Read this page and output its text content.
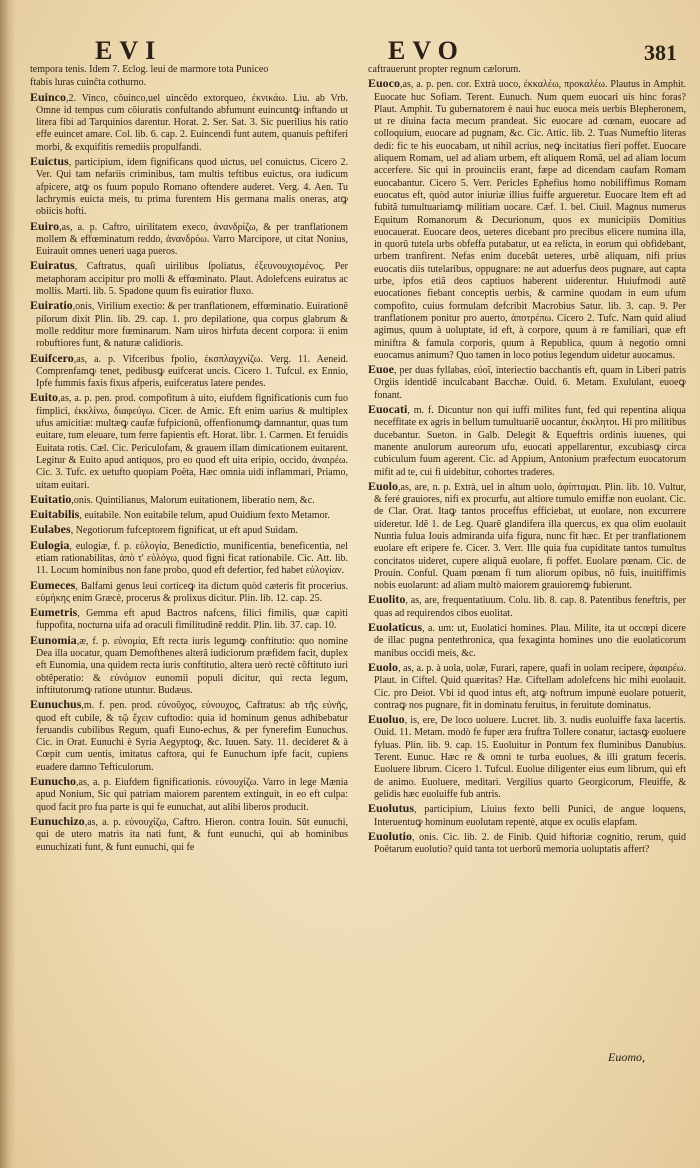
EVI	EVO	381

tempora tenis. Idem 7. Eclog. leui de marmore tota Puniceo

ftabis luras cuinĉta cothurno.

Euinco,2. Vinco, cõuinco,uel uincẽdo extorqueo, ἐκνικάω. Liu. ab Vrb. Omne id tempus cum cõiuratis confultando abfumunt euincuntꝙ inftando ut litera fibi ad Tarquinios darentur. Horat. 2. Ser. Sat. 3. Sic puerilius his ratio effe euincet amare. Col. lib. 6. cap. 2. Euincendi funt autem, quanuis peftiferi morbi, & exquifitis remediis propulfandi.

Euictus, participium, idem fignificans quod uictus, uel conuictus. Cicero 2. Ver. Qui tam nefariis criminibus, tam multis teftibus euictus, ora iudicum afpicere, atꝙ os fuum populo Romano oftendere auderet. Verg. 4. Aen. Tu lachrymis euicta meis, tu prima furentem His germana malis oneras, atꝙ obiicis hofti.

Euiro,as, a. p. Caftro, uirilitatem execo, ἀνανδρίζω, & per tranflationem mollem & effœminatum reddo, ἀνανδρόω. Varro Marcipore, ut citat Nonius, Euirauit omnes ueneri uaga pueros.

Euiratus, Caftratus, quaſi uirilibus ſpoliatus, ἐξευνουχισμένος. Per metaphoram accipitur pro molli & effœminato. Plaut. Adolefcens euiratus ac mollis. Marti. lib. 5. Spadone quum fis euiratior fluxo.

Euiratio,onis, Virilium exectio: & per tranflationem, effœminatio. Euirationẽ pilorum dixit Plin. lib. 29. cap. 1. pro depilatione, qua corpus glabrum & molle redditur more fœminarum. Nam uiros hirfuta decent corpora: ii enim robuftiores funt, & naturæ calidioris.

Euifcero,as, a. p. Vifceribus fpolio, ἐκσπλαγχνίζω. Verg. 11. Aeneid. Comprenfamꝙ tenet, pedibusꝙ euifcerat uncis. Cicero 1. Tufcul. ex Ennio, Ipfe fummis faxis fixus afperis, euifceratus latere pendes.

Euito,as, a. p. pen. prod. compofitum à uito, eiufdem fignificationis cum fuo fimplici, ἐκκλίνω, διαφεύγω. Cicer. de Amic. Eft enim uarius & multiplex ufus amicitiæ: multæꝙ caufæ fufpicionũ, offenfionumꝙ damnantur, quas tum euitare, tum eleuare, tum ferre fapientis eft. Horat. libr. 1. Carmen. Et feruidis Euitata rotis. Cæl. Cic. Periculofam, & grauem illam dimicationem euitarent. Legitur & Euito apud antiquos, pro eo quod eft uita eripio, occido, ἀναιρέω. Cic. 3. Tufc. ex uetufto quopiam Poëta, Hæc omnia uidi inflammari, Priamo, uitam euitari.

Euitatio,onis. Quintilianus, Malorum euitationem, liberatio nem, &c.

Euitabilis, euitabile. Non euitabile telum, apud Ouidium fexto Metamor.

Eulabes, Negotiorum fufceptorem fignificat, ut eft apud Suidam.

Eulogia, eulogiæ, f. p. εὐλογία, Benedictio, munificentia, beneficentia, nel etiam rationabilitas, ἀπὸ τ' εὐλόγω, quod figni ficat rationabile. Cic. Att. lib. 11. Locum hominibus non fane probo, quod eft defertior, fed habet εὐλογίαν.

Eumeces, Balfami genus leui corticeꝙ ita dictum quòd cæteris fit procerius. εὐμήκης enim Græcè, procerus & prolixus dicitur. Plin. lib. 12. cap. 25.

Eumetris, Gemma eft apud Bactros nafcens, filici fimilis, quæ capiti fuppofita, nocturna uifa ad oraculi fimilitudinẽ reddit. Plin. lib. 37. cap. 10.

Eunomia,æ, f. p. εὐνομία, Eft recta iuris legumꝙ conftitutio: quo nomine Dea illa uocatur, quam Demofthenes alterã iudiciorum præfidem facit, duplex eft Eunomia, una quidem recta iuris conftitutio, altera uerò rectè cõftituto iuri obtẽperatio: & εὐνόμιον eunomii populi dicitur, qui recta legum, inftitutorumꝙ ratione utuntur. Budæus.

Eunuchus,m. f. pen. prod. εὐνοῦχος, εὐνουχος, Caftratus: ab τῆς εὐνῆς, quod eft cubile, & τῷ ἔχειν cuftodio: quia id hominum genus adhibebatur feruandis cubilibus Regum, quafi Euno-echus, & per fynerefim Eunuchus. Cic. in Orat. Eunuchi è Syria Aegyptoꝙ, &c. Iuuen. Saty. 11. decideret & à Cœpit cum uentis, imitatus caftora, qui fe Eunuchum ipfe facit, cupiens euadere damno Tefticulorum.

Eunucho,as, a. p. Eiufdem fignificationis. εὐνουχίζω. Varro in lege Mænia apud Nonium, Sic qui patriam maiorem parentem extinguit, in eo eft culpa: quod facit pro fua parte is qui fe eunuchat, aut alibi liberos producit.

Eunuchizo,as, a. p. εὐνουχίζω, Caftro. Hieron. contra Iouin. Sũt eunuchi, qui de utero matris ita nati funt, & funt eunuchi, qui ab hominibus eunuchizati funt, & funt eunuchi, qui fe

caftrauerunt propter regnum cælorum.

Euoco,as, a. p. pen. cor. Extrà uoco, ἐκκαλέω, προκαλέω. Plautus in Amphit. Euocate huc Sofiam. Terent. Eunuch. Num quem euocari uis hinc foras? Plaut. Amphit. Tu gubernatorem è naui huc euoca meis uerbis Blepheronem, ut re diuina facta mecum prandeat. Sic euocare ad cœnam, euocare ad colloquium, euocare ad pugnam, &c. Cic. Attic. lib. 2. Tuas Numeftio literas dedi: fic te his euocabam, ut nihil acrius, neꝙ incitatius fieri poffet. Euocare aliquem Romam, uel ad aliam urbem, eft aliquem Romã, uel ad aliam locum accerfere. Sic qui in prouinciis erant, fæpe ad dicendam caufam Romam euocabantur. Cicero 5. Verr. Pericles Ephefius homo nobiliffimus Romam euocatus eft, quòd autor iniuriæ illius fuiffe argueretur. Euocare ltem eft ad fubitã tumultuariamꝙ militiam uocare. Cæf. 1. bel. Ciuil. Magnus numerus Equitum Romanorum & Decurionum, quos ex municipiis Domitius euocauerat. Euocare deos, ueteres dicebant pro precibus elicere numina illa, in quorũ tutela urbs obfeffa putabatur, ut ea relicta, in eorum qui obfidebant, urbem tranfirent. Nefas enim ducebãt ueteres, urbẽ aliquam, nifi prius euocatis diis tutelaribus, oppugnare: ne aut aduerfus deos pugnare, aut capta urbe, ipfos etiã deos captiuos haberent uiderentur. Huiufmodi autẽ euocationes fiebant conceptis uerbis, & carmine quodam in eum ufum compofito, cuius formulam defcribit Macrobius Satur. lib. 3. cap. 9. Per tranflationem ponitur pro auerto, ἀποτρέπω. Cicero 2. Tufc. Nam quid aliud agimus, quum à uoluptate, id eft, à corpore, quum à re familiari, quæ eft miniftra & famula corporis, quum à Republica, quum à negotio omni euocamus animum? Quo tamen in loco potius legendum uidetur auocamus.

Euoe, per duas fyllabas, εὐοῖ, interiectio bacchantis eft, quam in Liberi patris Orgiis identidẽ inculcabant Bacchæ. Ouid. 6. Metam. Exululant, euoeꝙ fonant.

Euocati, m. f. Dicuntur non qui iuffi milites funt, fed qui repentina aliqua neceffitate ex agris in bellum tumultuariẽ uocantur, ἐκκλητοι. Hi pro militibus ducebantur. Sueton. in Galb. Delegit & Equeftris ordinis iuuenes, qui manente anulorum aureorum ufu, euocati appellarentur, excubiasꝙ circa cubiculum fuum agerent. Cic. ad Appium, Antonium præfectum euocatorum mifit ad te, cui fi uidebitur, cohortes traderes.

Euolo,as, are, n. p. Extrà, uel in altum uolo, ἀφίπταμαι. Plin. lib. 10. Vultur, & feré grauiores, nifi ex procurfu, aut altiore tumulo emiffæ non euolant. Cic. de Clar. Orat. Itaꝙ tantos proceffus efficiebat, ut euolare, non excurrere uideretur. Idẽ 1. de Leg. Quarẽ glandifera illa quercus, ex qua olim euolauit Nuntia fulua Iouis admiranda uifa figura, nunc fit hæc. Et per tranflationem euolare eft eripere fe. Cicer. 3. Verr. Ille quia fua cupiditate tantos tumultus concitatos uideret, cupere aliquã euolare, fi poffet. Euolare pœnam. Cic. de Prouin. Conful. Quam pœnam fi tum aliorum opibus, nõ fuis, inuitiffimis nobis euolarunt: ad aliam multò maiorem grauioremꝙ fubierunt.

Euolito, as, are, frequentatiuum. Colu. lib. 8. cap. 8. Patentibus feneftris, per quas ad requirendos cibos euolitat.

Euolaticus, a. um: ut, Euolatici homines. Plau. Milite, ita ut occœpi dicere de illac pugna pentethronica, qua fexaginta homines uno die euolaticorum manibus occidi meis, &c.

Euolo, as, a. p. à uola, uolæ, Furari, rapere, quafi in uolam recipere, ἀφαιρέω. Plaut. in Ciftel. Quid quæritas? Hæ. Ciftellam adolefcens hic mihi euolauit. Cic. pro Deiot. Vbi id quod intus eft, atꝙ noftrum impunè euolare potuerit, contraꝙ nos pugnare, fit in dominatu feruitus, in feruitute dominatus.

Euoluo, is, ere, De loco uoluere. Lucret. lib. 3. nudis euoluiffe faxa lacertis. Ouid. 11. Metam. modò fe fuper æra fruftra Tollere conatur, iactasꝙ euoluere fyluas. Plin. lib. 9. cap. 15. Euoluitur in Pontum fex fluminibus Danubius. Terent. Eunuc. Hæc re & omni te turba euolues, & illi gratum feceris. Euoluere librum. Cicero 1. Tufcul. Euolue diligenter eius eum librum, qui eft de animo. Euoluere, meditari. Vergilius quarto Georgicorum, Fleuiffe, & gelidis hæc euoluiffe fub antris.

Euolutus, participium, Liuius fexto belli Punici, de angue loquens, Interuentuꝙ hominum euolutam repentè, atque ex oculis elapfam.

Euolutio, onis. Cic. lib. 2. de Finib. Quid hiftoriæ cognitio, rerum, quid Poëtarum euolutio? quid tanta tot uerborũ memoria uoluptatis affert?

Euomo,
